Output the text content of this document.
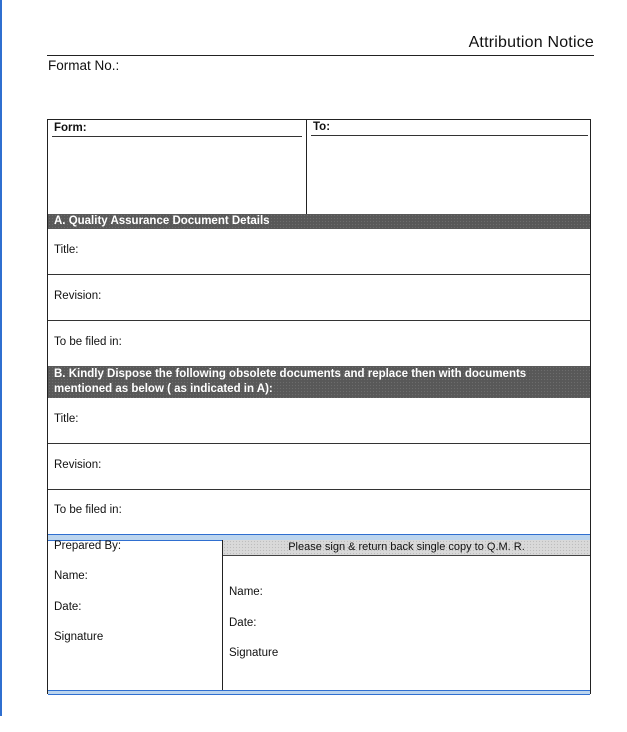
Attribution Notice
Format No.:
Form:	To:
A. Quality Assurance Document Details
Title:
Revision:
To be filed in:
B. Kindly Dispose the following obsolete documents and replace then with documents
mentioned as below ( as indicated in A):
Title:
Revision:
To be filed in:
Prepared By:
Name:
Date:
Signature
Please sign & return back single copy to Q.M. R.
Name:
Date:
Signature
